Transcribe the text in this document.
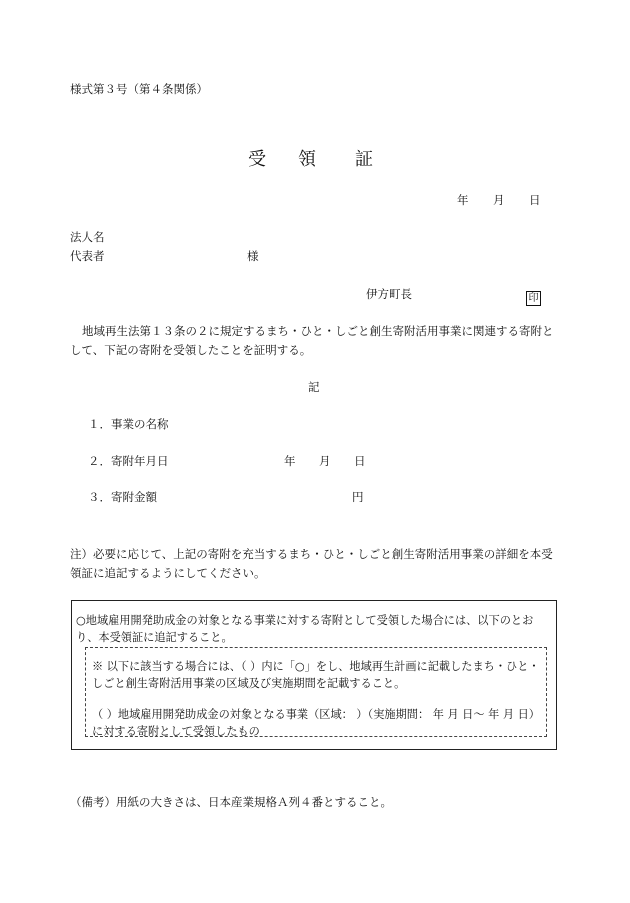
様式第３号（第４条関係）
受 領 証
年 月 日
法人名
代表者	様
伊方町長	印
地域再生法第１３条の２に規定するまち・ひと・しごと創生寄附活用事業に関連する寄附として、下記の寄附を受領したことを証明する。
記
１．事業の名称
２．寄附年月日	年 月 日
３．寄附金額	円
注）必要に応じて、上記の寄附を充当するまち・ひと・しごと創生寄附活用事業の詳細を本受領証に追記するようにしてください。
○地域雇用開発助成金の対象となる事業に対する寄附として受領した場合には、以下のとおり、本受領証に追記すること。
※ 以下に該当する場合には、（ ）内に「○」をし、地域再生計画に記載したまち・ひと・しごと創生寄附活用事業の区域及び実施期間を記載すること。
（ ）地域雇用開発助成金の対象となる事業（区域： ）（実施期間： 年 月 日〜 年 月 日）に対する寄附として受領したもの
（備考）用紙の大きさは、日本産業規格Ａ列４番とすること。
